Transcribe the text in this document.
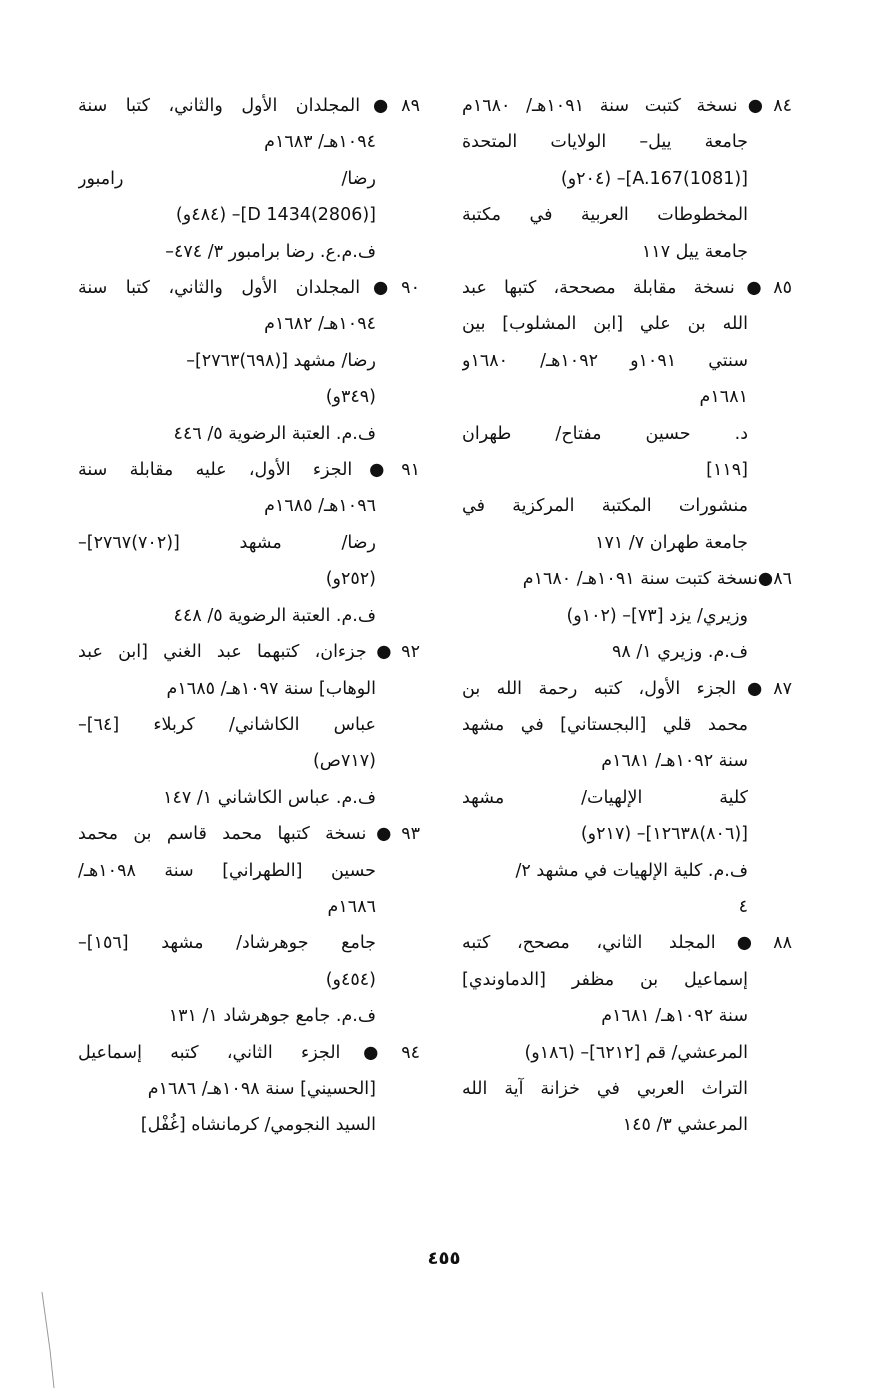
٨٤●نسخة كتبت سنة ١٠٩١هـ/ ١٦٨٠م
جامعة ييل– الولايات المتحدة
[(1081)A.167]– (٢٠٤و)
المخطوطات العربية في مكتبة
جامعة ييل ١١٧
٨٥●نسخة مقابلة مصححة، كتبها عبد
الله بن علي [ابن المشلوب] بين
سنتي ١٠٩١و ١٠٩٢هـ/ ١٦٨٠و
١٦٨١م
د. حسين مفتاح/ طهران
[١١٩]
منشورات المكتبة المركزية في
جامعة طهران ٧/ ١٧١
٨٦●نسخة كتبت سنة ١٠٩١هـ/ ١٦٨٠م
وزيري/ يزد [٧٣]– (١٠٢و)
ف.م. وزيري ١/ ٩٨
٨٧●الجزء الأول، كتبه رحمة الله بن
محمد قلي [البجستاني] في مشهد
سنة ١٠٩٢هـ/ ١٦٨١م
كلية الإلهيات/ مشهد
[(٨٠٦)١٢٦٣٨]– (٢١٧و)
ف.م. كلية الإلهيات في مشهد ٢/
٤
٨٨●المجلد الثاني، مصحح، كتبه
إسماعيل بن مظفر [الدماوندي]
سنة ١٠٩٢هـ/ ١٦٨١م
المرعشي/ قم [٦٢١٢]– (١٨٦و)
التراث العربي في خزانة آية الله
المرعشي ٣/ ١٤٥
٨٩●المجلدان الأول والثاني، كتبا سنة
١٠٩٤هـ/ ١٦٨٣م
رضا/ رامبور
[(2806)1434 D]– (٤٨٤و)
ف.م.ع. رضا برامبور ٣/ ٤٧٤–
٩٠●المجلدان الأول والثاني، كتبا سنة
١٠٩٤هـ/ ١٦٨٢م
رضا/ مشهد [(٦٩٨)٢٧٦٣]–
(٣٤٩و)
ف.م. العتبة الرضوية ٥/ ٤٤٦
٩١●الجزء الأول، عليه مقابلة سنة
١٠٩٦هـ/ ١٦٨٥م
رضا/ مشهد [(٧٠٢)٢٧٦٧]–
(٢٥٢و)
ف.م. العتبة الرضوية ٥/ ٤٤٨
٩٢●جزءان، كتبهما عبد الغني [ابن عبد
الوهاب] سنة ١٠٩٧هـ/ ١٦٨٥م
عباس الكاشاني/ كربلاء [٦٤]–
(٧١٧ص)
ف.م. عباس الكاشاني ١/ ١٤٧
٩٣●نسخة كتبها محمد قاسم بن محمد
حسين [الطهراني] سنة ١٠٩٨هـ/
١٦٨٦م
جامع جوهرشاد/ مشهد [١٥٦]–
(٤٥٤و)
ف.م. جامع جوهرشاد ١/ ١٣١
٩٤●الجزء الثاني، كتبه إسماعيل
[الحسيني] سنة ١٠٩٨هـ/ ١٦٨٦م
السيد النجومي/ كرمانشاه [غُفْل]
٤٥٥
